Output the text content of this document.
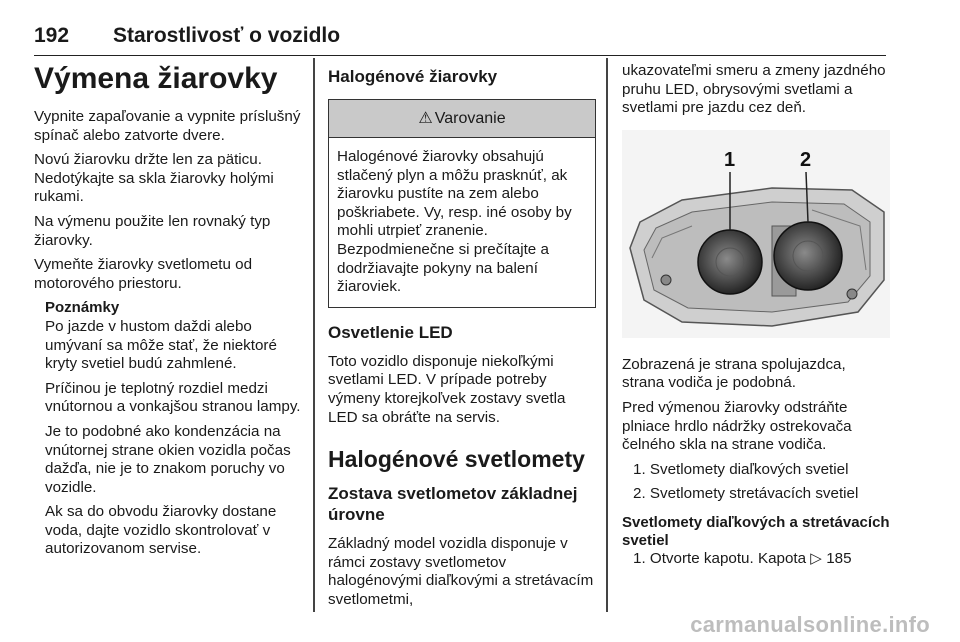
192 Starostlivosť o vozidlo
Výmena žiarovky

Vypnite zapaľovanie a vypnite príslušný spínač alebo zatvorte dvere.

Novú žiarovku držte len za päticu. Nedotýkajte sa skla žiarovky holými rukami.

Na výmenu použite len rovnaký typ žiarovky.

Vymeňte žiarovky svetlometu od motorového priestoru.

Poznámky

Po jazde v hustom daždi alebo umývaní sa môže stať, že niektoré kryty svetiel budú zahmlené.

Príčinou je teplotný rozdiel medzi vnútornou a vonkajšou stranou lampy.

Je to podobné ako kondenzácia na vnútornej strane okien vozidla počas dažďa, nie je to znakom poruchy vo vozidle.

Ak sa do obvodu žiarovky dostane voda, dajte vozidlo skontrolovať v autorizovanom servise.

Halogénové žiarovky
⚠ Varovanie
Halogénové žiarovky obsahujú stlačený plyn a môžu prasknúť, ak žiarovku pustíte na zem alebo poškriabete. Vy, resp. iné osoby by mohli utrpieť zranenie. Bezpodmienečne si prečítajte a dodržiavajte pokyny na balení žiaroviek.
Osvetlenie LED

Toto vozidlo disponuje niekoľkými svetlami LED. V prípade potreby výmeny ktorejkoľvek zostavy svetla LED sa obráťte na servis.

Halogénové svetlomety
Zostava svetlometov základnej úrovne

Základný model vozidla disponuje v rámci zostavy svetlometov halogénovými diaľkovými a stretávacím svetlometmi,

ukazovateľmi smeru a zmeny jazdného pruhu LED, obrysovými svetlami a svetlami pre jazdu cez deň.

1	2

Zobrazená je strana spolujazdca, strana vodiča je podobná.

Pred výmenou žiarovky odstráňte plniace hrdlo nádržky ostrekovača čelného skla na strane vodiča.

1. Svetlomety diaľkových svetiel
2. Svetlomety stretávacích svetiel
Svetlomety diaľkových a stretávacích svetiel
1. Otvorte kapotu. Kapota ▷ 185
carmanualsonline.info
